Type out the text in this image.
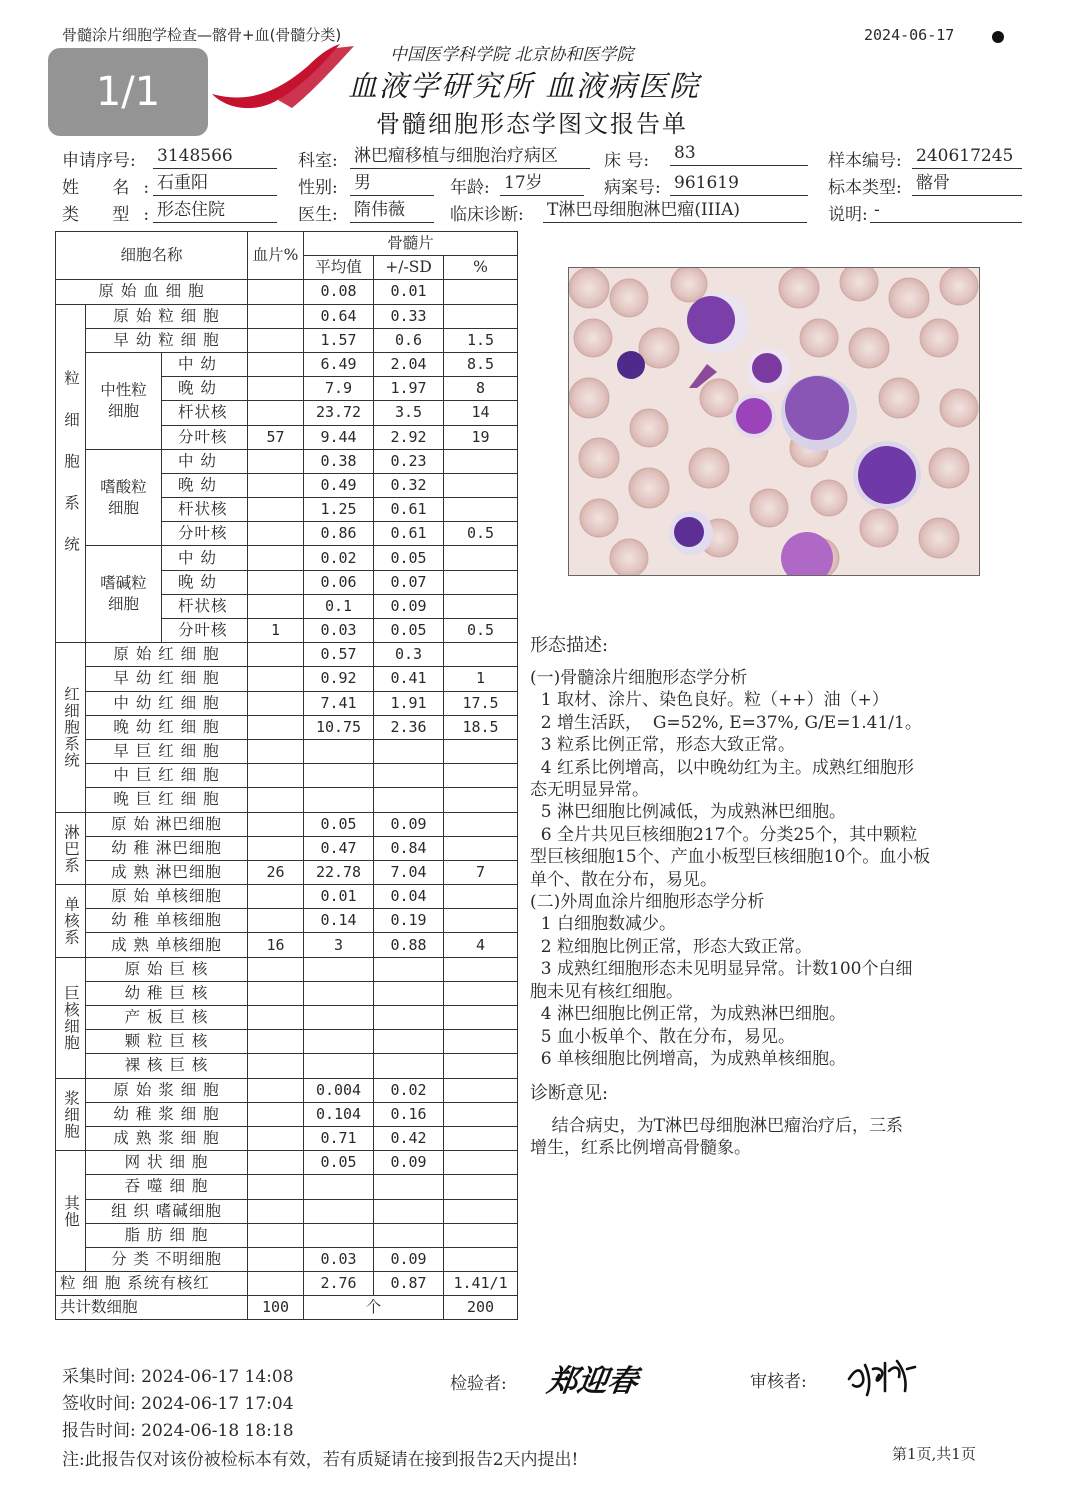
骨髓涂片细胞学检查—髂骨+血(骨髓分类)	2024-06-17
1/1
中国医学科学院 北京协和医学院
血液学研究所 血液病医院
骨髓细胞形态学图文报告单
申请序号: 3148566	科室: 淋巴瘤移植与细胞治疗病区	床 号: 83	样本编号: 240617245
姓 名:
石重阳	性别: 男	年龄: 17岁	病案号: 961619	标本类型: 髂骨
类 型:
形态住院	医生: 隋伟薇	临床诊断: T淋巴母细胞淋巴瘤(IIIA)	说明: -
细胞名称			血片%	骨髓片		
				平均值	+/-SD	%
原 始 血 细 胞				0.08	0.01	
粒细胞系统	原 始 粒 细 胞			0.64	0.33	
	早 幼 粒 细 胞			1.57	0.6	1.5
	中性粒细胞	中 幼		6.49	2.04	8.5
		晚 幼		7.9	1.97	8
		杆状核		23.72	3.5	14
		分叶核	57	9.44	2.92	19
	嗜酸粒细胞	中 幼		0.38	0.23	
		晚 幼		0.49	0.32	
		杆状核		1.25	0.61	
		分叶核		0.86	0.61	0.5
	嗜碱粒细胞	中 幼		0.02	0.05	
		晚 幼		0.06	0.07	
		杆状核		0.1	0.09	
		分叶核	1	0.03	0.05	0.5
红细胞系统	原 始 红 细 胞			0.57	0.3	
	早 幼 红 细 胞			0.92	0.41	1
	中 幼 红 细 胞			7.41	1.91	17.5
	晚 幼 红 细 胞			10.75	2.36	18.5
	早 巨 红 细 胞					
	中 巨 红 细 胞					
	晚 巨 红 细 胞					
淋巴系	原 始 淋巴细胞			0.05	0.09	
	幼 稚 淋巴细胞			0.47	0.84	
	成 熟 淋巴细胞		26	22.78	7.04	7
单核系	原 始 单核细胞			0.01	0.04	
	幼 稚 单核细胞			0.14	0.19	
	成 熟 单核细胞		16	3	0.88	4
巨核细胞	原 始 巨 核					
	幼 稚 巨 核					
	产 板 巨 核					
	颗 粒 巨 核					
	裸 核 巨 核					
浆细胞	原 始 浆 细 胞			0.004	0.02	
	幼 稚 浆 细 胞			0.104	0.16	
	成 熟 浆 细 胞			0.71	0.42	
其他	网 状 细 胞			0.05	0.09	
	吞 噬 细 胞					
	组 织 嗜碱细胞					
	脂 肪 细 胞					
	分 类 不明细胞			0.03	0.09	
粒 细 胞 系统有核红				2.76	0.87	1.41/1
共计数细胞			100	个		200
形态描述:
(一)骨髓涂片细胞形态学分析
1 取材、涂片、染色良好。粒（++）油（+）
2 增生活跃，  G=52%, E=37%, G/E=1.41/1。
3 粒系比例正常，形态大致正常。
4 红系比例增高，以中晚幼红为主。成熟红细胞形
态无明显异常。
5 淋巴细胞比例减低，为成熟淋巴细胞。
6 全片共见巨核细胞217个。分类25个，其中颗粒
型巨核细胞15个、产血小板型巨核细胞10个。血小板
单个、散在分布，易见。
(二)外周血涂片细胞形态学分析
1 白细胞数减少。
2 粒细胞比例正常，形态大致正常。
3 成熟红细胞形态未见明显异常。计数100个白细
胞未见有核红细胞。
4 淋巴细胞比例正常，为成熟淋巴细胞。
5 血小板单个、散在分布，易见。
6 单核细胞比例增高，为成熟单核细胞。
诊断意见:
结合病史，为T淋巴母细胞淋巴瘤治疗后，三系
增生，红系比例增高骨髓象。
采集时间: 2024-06-17 14:08
签收时间: 2024-06-17 17:04
报告时间: 2024-06-18 18:18
检验者: 郑迎春	审核者:
注:此报告仅对该份被检标本有效，若有质疑请在接到报告2天内提出!	第1页,共1页
